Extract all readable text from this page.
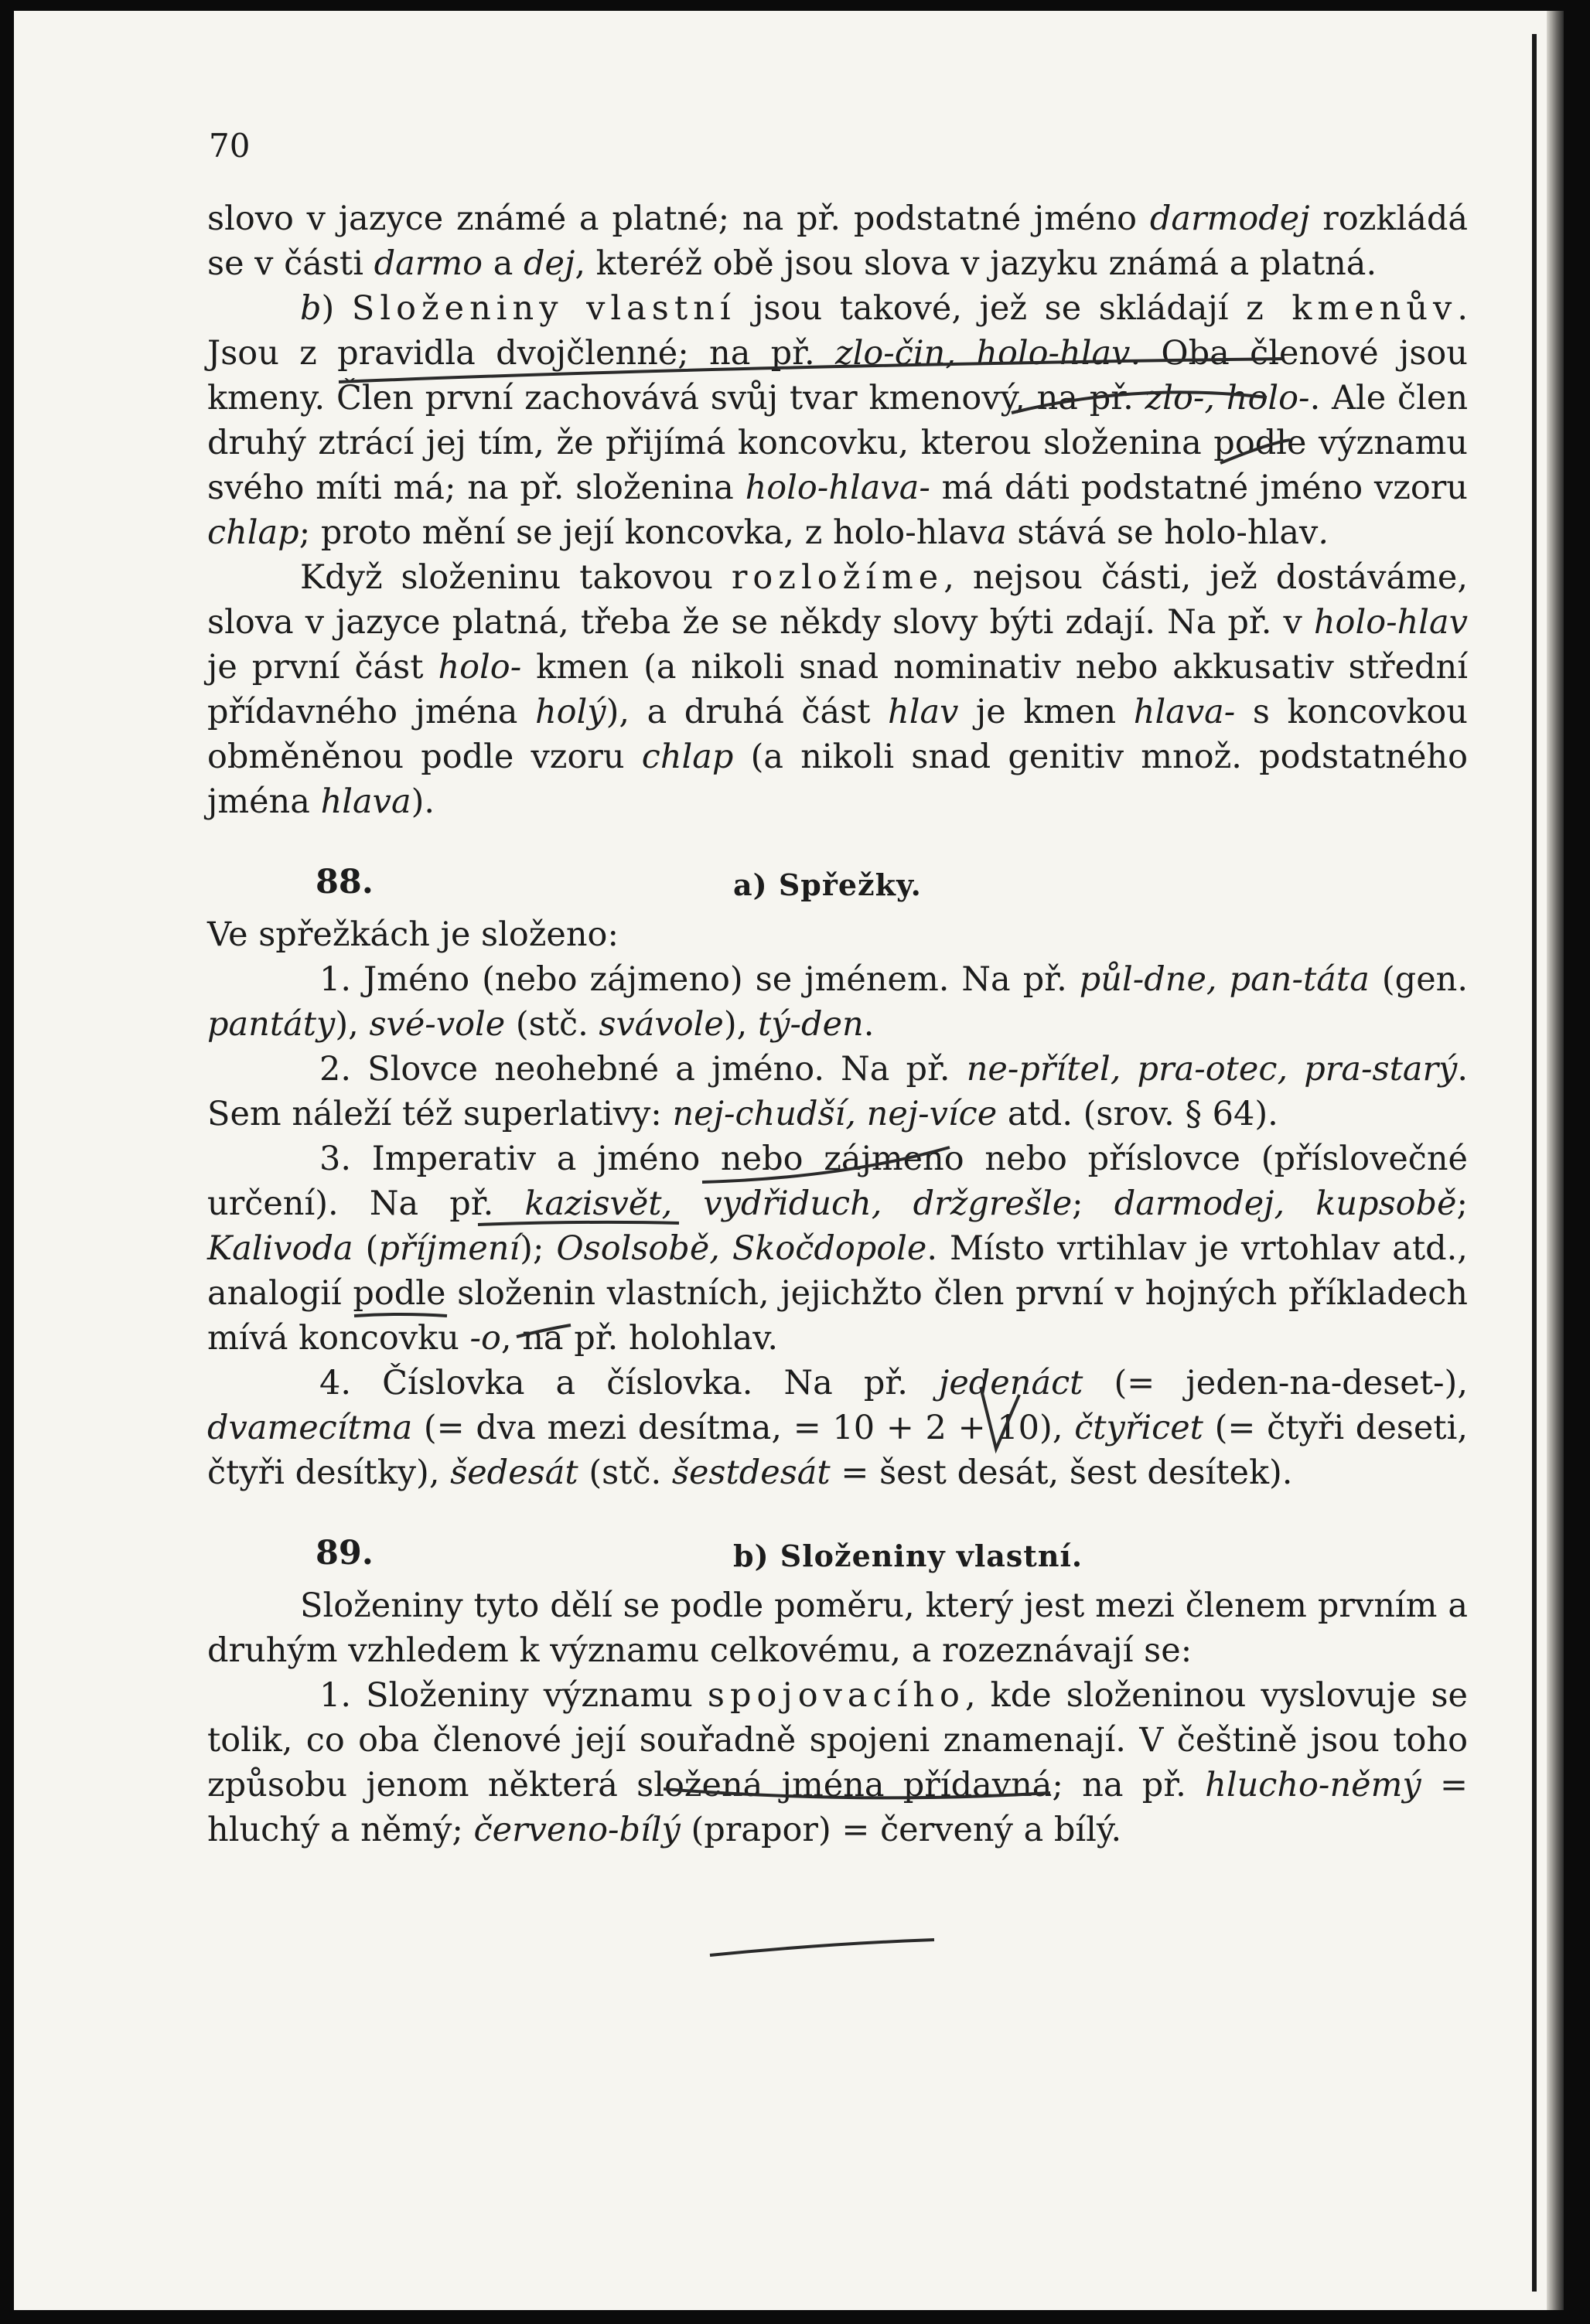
70

slovo v jazyce známé a platné; na př. podstatné jméno darmodej rozkládá se v části darmo a dej, kteréž obě jsou slova v jazyku známá a platná.

b) Složeniny vlastní jsou takové, jež se skládají z kmenův. Jsou z pravidla dvojčlenné; na př. zlo-čin, holo-hlav. Oba členové jsou kmeny. Člen první zachovává svůj tvar kmenový, na př. zlo-, holo-. Ale člen druhý ztrácí jej tím, že přijímá koncovku, kterou složenina podle významu svého míti má; na př. složenina holo-hlava- má dáti podstatné jméno vzoru chlap; proto mění se její koncovka, z holo-hlava stává se holo-hlav.

Když složeninu takovou rozložíme, nejsou části, jež dostáváme, slova v jazyce platná, třeba že se někdy slovy býti zdají. Na př. v holo-hlav je první část holo- kmen (a nikoli snad nominativ nebo akkusativ střední přídavného jména holý), a druhá část hlav je kmen hlava- s koncovkou obměněnou podle vzoru chlap (a nikoli snad genitiv množ. podstatného jména hlava).

88.	a) Spřežky.

Ve spřežkách je složeno:

1. Jméno (nebo zájmeno) se jménem. Na př. půl-dne, pan-táta (gen. pantáty), své-vole (stč. svávole), tý-den.

2. Slovce neohebné a jméno. Na př. ne-přítel, pra-otec, pra-starý. Sem náleží též superlativy: nej-chudší, nej-více atd. (srov. § 64).

3. Imperativ a jméno nebo zájmeno nebo příslovce (příslovečné určení). Na př. kazisvět, vydřiduch, držgrešle; darmodej, kupsobě; Kalivoda (příjmení); Osolsobě, Skočdopole. Místo vrtihlav je vrtohlav atd., analogií podle složenin vlastních, jejichžto člen první v hojných příkladech mívá koncovku -o, na př. holohlav.

4. Číslovka a číslovka. Na př. jedenáct (= jeden-na-deset-), dvamecítma (= dva mezi desítma, = 10 + 2 + 10), čtyřicet (= čtyři deseti, čtyři desítky), šedesát (stč. šestdesát = šest desát, šest desítek).

89.	b) Složeniny vlastní.

Složeniny tyto dělí se podle poměru, který jest mezi členem prvním a druhým vzhledem k významu celkovému, a rozeznávají se:

1. Složeniny významu spojovacího, kde složeninou vyslovuje se tolik, co oba členové její souřadně spojeni znamenají. V češtině jsou toho způsobu jenom některá složená jména přídavná; na př. hlucho-němý = hluchý a němý; červeno-bílý (prapor) = červený a bílý.
